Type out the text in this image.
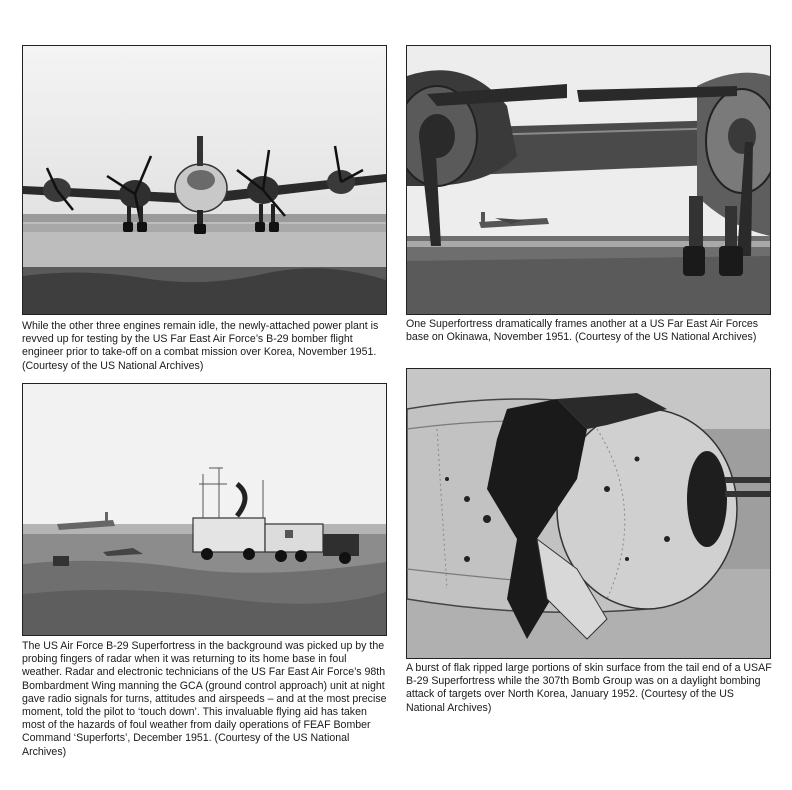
While the other three engines remain idle, the newly-attached power plant is revved up for testing by the US Far East Air Force’s B-29 bomber flight engineer prior to take-off on a combat mission over Korea, November 1951. (Courtesy of the US National Archives)

One Superfortress dramatically frames another at a US Far East Air Forces base on Okinawa, November 1951. (Courtesy of the US National Archives)

The US Air Force B-29 Superfortress in the background was picked up by the probing fingers of radar when it was returning to its home base in foul weather. Radar and electronic technicians of the US Far East Air Force’s 98th Bombardment Wing manning the GCA (ground control approach) unit at night gave radio signals for turns, attitudes and airspeeds – and at the most precise moment, told the pilot to ‘touch down’. This invaluable flying aid has taken most of the hazards of foul weather from daily operations of FEAF Bomber Command ‘Superforts’, December 1951. (Courtesy of the US National Archives)

A burst of flak ripped large portions of skin surface from the tail end of a USAF B-29 Superfortress while the 307th Bomb Group was on a daylight bombing attack of targets over North Korea, January 1952. (Courtesy of the US National Archives)
